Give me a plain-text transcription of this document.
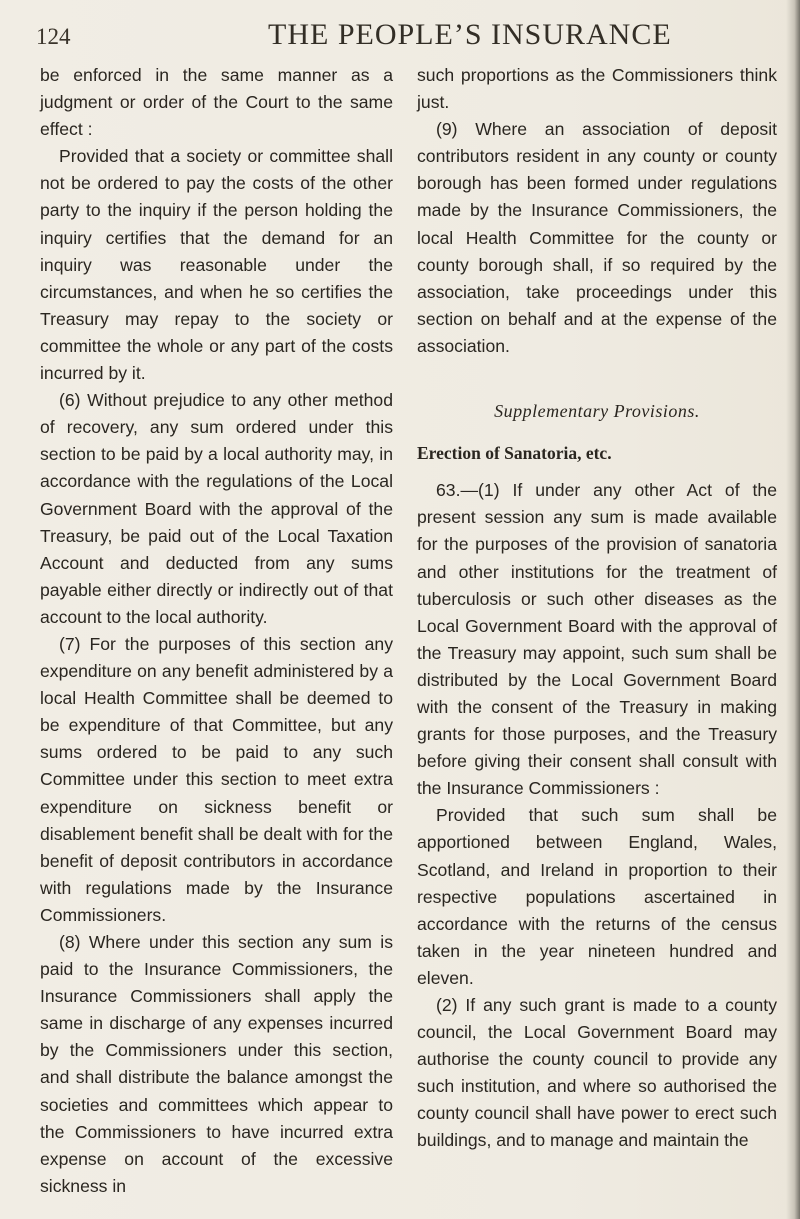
124	THE PEOPLE’S INSURANCE

be enforced in the same manner as a judgment or order of the Court to the same effect :

Provided that a society or committee shall not be ordered to pay the costs of the other party to the inquiry if the person holding the inquiry certifies that the demand for an inquiry was reasonable under the circumstances, and when he so certifies the Treasury may repay to the society or committee the whole or any part of the costs incurred by it.

(6) Without prejudice to any other method of recovery, any sum ordered under this section to be paid by a local authority may, in accordance with the regulations of the Local Government Board with the approval of the Treasury, be paid out of the Local Taxation Account and deducted from any sums payable either directly or indirectly out of that account to the local authority.

(7) For the purposes of this section any expenditure on any benefit administered by a local Health Committee shall be deemed to be expenditure of that Committee, but any sums ordered to be paid to any such Committee under this section to meet extra expenditure on sickness benefit or disablement benefit shall be dealt with for the benefit of deposit contributors in accordance with regulations made by the Insurance Commissioners.

(8) Where under this section any sum is paid to the Insurance Commissioners, the Insurance Commissioners shall apply the same in discharge of any expenses incurred by the Commissioners under this section, and shall distribute the balance amongst the societies and committees which appear to the Commissioners to have incurred extra expense on account of the excessive sickness in

such proportions as the Commissioners think just.

(9) Where an association of deposit contributors resident in any county or county borough has been formed under regulations made by the Insurance Commissioners, the local Health Committee for the county or county borough shall, if so required by the association, take proceedings under this section on behalf and at the expense of the association.

Supplementary Provisions.

Erection of Sanatoria, etc.

63.—(1) If under any other Act of the present session any sum is made available for the purposes of the provision of sanatoria and other institutions for the treatment of tuberculosis or such other diseases as the Local Government Board with the approval of the Treasury may appoint, such sum shall be distributed by the Local Government Board with the consent of the Treasury in making grants for those purposes, and the Treasury before giving their consent shall consult with the Insurance Commissioners :

Provided that such sum shall be apportioned between England, Wales, Scotland, and Ireland in proportion to their respective populations ascertained in accordance with the returns of the census taken in the year nineteen hundred and eleven.

(2) If any such grant is made to a county council, the Local Government Board may authorise the county council to provide any such institution, and where so authorised the county council shall have power to erect such buildings, and to manage and maintain the
